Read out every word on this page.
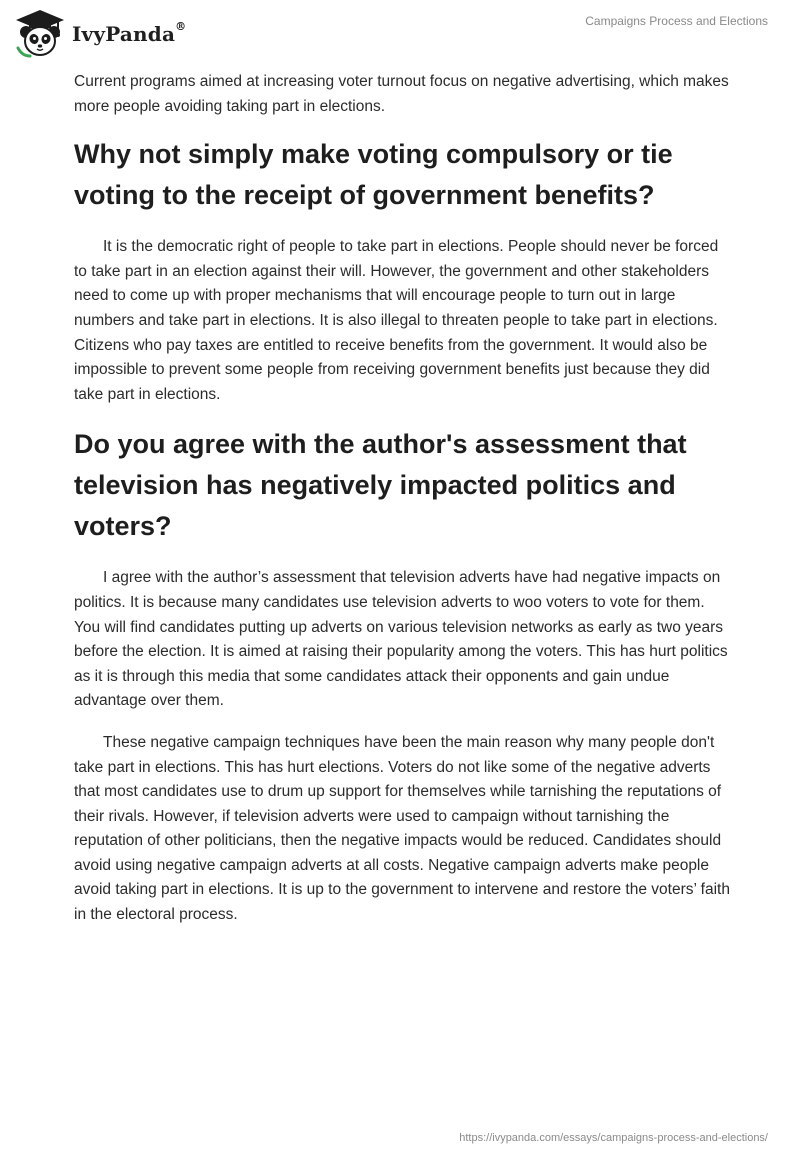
IvyPanda®	Campaigns Process and Elections

Current programs aimed at increasing voter turnout focus on negative advertising, which makes more people avoiding taking part in elections.

Why not simply make voting compulsory or tie voting to the receipt of government benefits?

It is the democratic right of people to take part in elections. People should never be forced to take part in an election against their will. However, the government and other stakeholders need to come up with proper mechanisms that will encourage people to turn out in large numbers and take part in elections. It is also illegal to threaten people to take part in elections. Citizens who pay taxes are entitled to receive benefits from the government. It would also be impossible to prevent some people from receiving government benefits just because they did take part in elections.

Do you agree with the author's assessment that television has negatively impacted politics and voters?

I agree with the author’s assessment that television adverts have had negative impacts on politics. It is because many candidates use television adverts to woo voters to vote for them. You will find candidates putting up adverts on various television networks as early as two years before the election. It is aimed at raising their popularity among the voters. This has hurt politics as it is through this media that some candidates attack their opponents and gain undue advantage over them.

These negative campaign techniques have been the main reason why many people don't take part in elections. This has hurt elections. Voters do not like some of the negative adverts that most candidates use to drum up support for themselves while tarnishing the reputations of their rivals. However, if television adverts were used to campaign without tarnishing the reputation of other politicians, then the negative impacts would be reduced. Candidates should avoid using negative campaign adverts at all costs. Negative campaign adverts make people avoid taking part in elections. It is up to the government to intervene and restore the voters’ faith in the electoral process.

https://ivypanda.com/essays/campaigns-process-and-elections/
